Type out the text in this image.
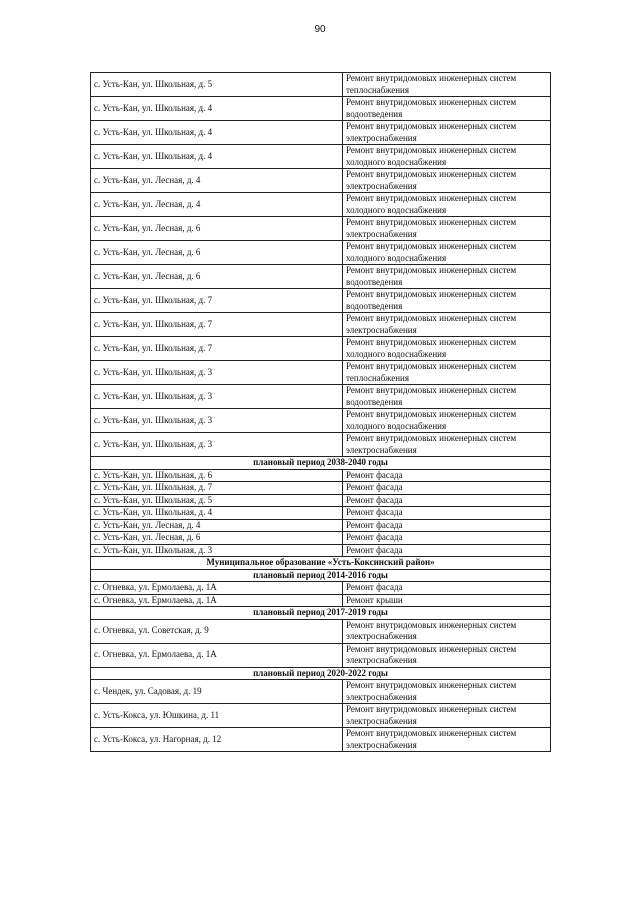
90
с. Усть-Кан, ул. Школьная, д. 5	Ремонт внутридомовых инженерных систем теплоснабжения
с. Усть-Кан, ул. Школьная, д. 4	Ремонт внутридомовых инженерных систем водоотведения
с. Усть-Кан, ул. Школьная, д. 4	Ремонт внутридомовых инженерных систем электроснабжения
с. Усть-Кан, ул. Школьная, д. 4	Ремонт внутридомовых инженерных систем холодного водоснабжения
с. Усть-Кан, ул. Лесная, д. 4	Ремонт внутридомовых инженерных систем электроснабжения
с. Усть-Кан, ул. Лесная, д. 4	Ремонт внутридомовых инженерных систем холодного водоснабжения
с. Усть-Кан, ул. Лесная, д. 6	Ремонт внутридомовых инженерных систем электроснабжения
с. Усть-Кан, ул. Лесная, д. 6	Ремонт внутридомовых инженерных систем холодного водоснабжения
с. Усть-Кан, ул. Лесная, д. 6	Ремонт внутридомовых инженерных систем водоотведения
с. Усть-Кан, ул. Школьная, д. 7	Ремонт внутридомовых инженерных систем водоотведения
с. Усть-Кан, ул. Школьная, д. 7	Ремонт внутридомовых инженерных систем электроснабжения
с. Усть-Кан, ул. Школьная, д. 7	Ремонт внутридомовых инженерных систем холодного водоснабжения
с. Усть-Кан, ул. Школьная, д. 3	Ремонт внутридомовых инженерных систем теплоснабжения
с. Усть-Кан, ул. Школьная, д. 3	Ремонт внутридомовых инженерных систем водоотведения
с. Усть-Кан, ул. Школьная, д. 3	Ремонт внутридомовых инженерных систем холодного водоснабжения
с. Усть-Кан, ул. Школьная, д. 3	Ремонт внутридомовых инженерных систем электроснабжения
плановый период 2038-2040 годы	
с. Усть-Кан, ул. Школьная, д. 6	Ремонт фасада
с. Усть-Кан, ул. Школьная, д. 7	Ремонт фасада
с. Усть-Кан, ул. Школьная, д. 5	Ремонт фасада
с. Усть-Кан, ул. Школьная, д. 4	Ремонт фасада
с. Усть-Кан, ул. Лесная, д. 4	Ремонт фасада
с. Усть-Кан, ул. Лесная, д. 6	Ремонт фасада
с. Усть-Кан, ул. Школьная, д. 3	Ремонт фасада
Муниципальное образование «Усть-Коксинский район»	
плановый период 2014-2016 годы	
с. Огневка, ул. Ермолаева, д. 1А	Ремонт фасада
с. Огневка, ул. Ермолаева, д. 1А	Ремонт крыши
плановый период 2017-2019 годы	
с. Огневка, ул. Советская, д. 9	Ремонт внутридомовых инженерных систем электроснабжения
с. Огневка, ул. Ермолаева, д. 1А	Ремонт внутридомовых инженерных систем электроснабжения
плановый период 2020-2022 годы	
с. Чендек, ул. Садовая, д. 19	Ремонт внутридомовых инженерных систем электроснабжения
с. Усть-Кокса, ул. Юшкина, д. 11	Ремонт внутридомовых инженерных систем электроснабжения
с. Усть-Кокса, ул. Нагорная, д. 12	Ремонт внутридомовых инженерных систем электроснабжения
